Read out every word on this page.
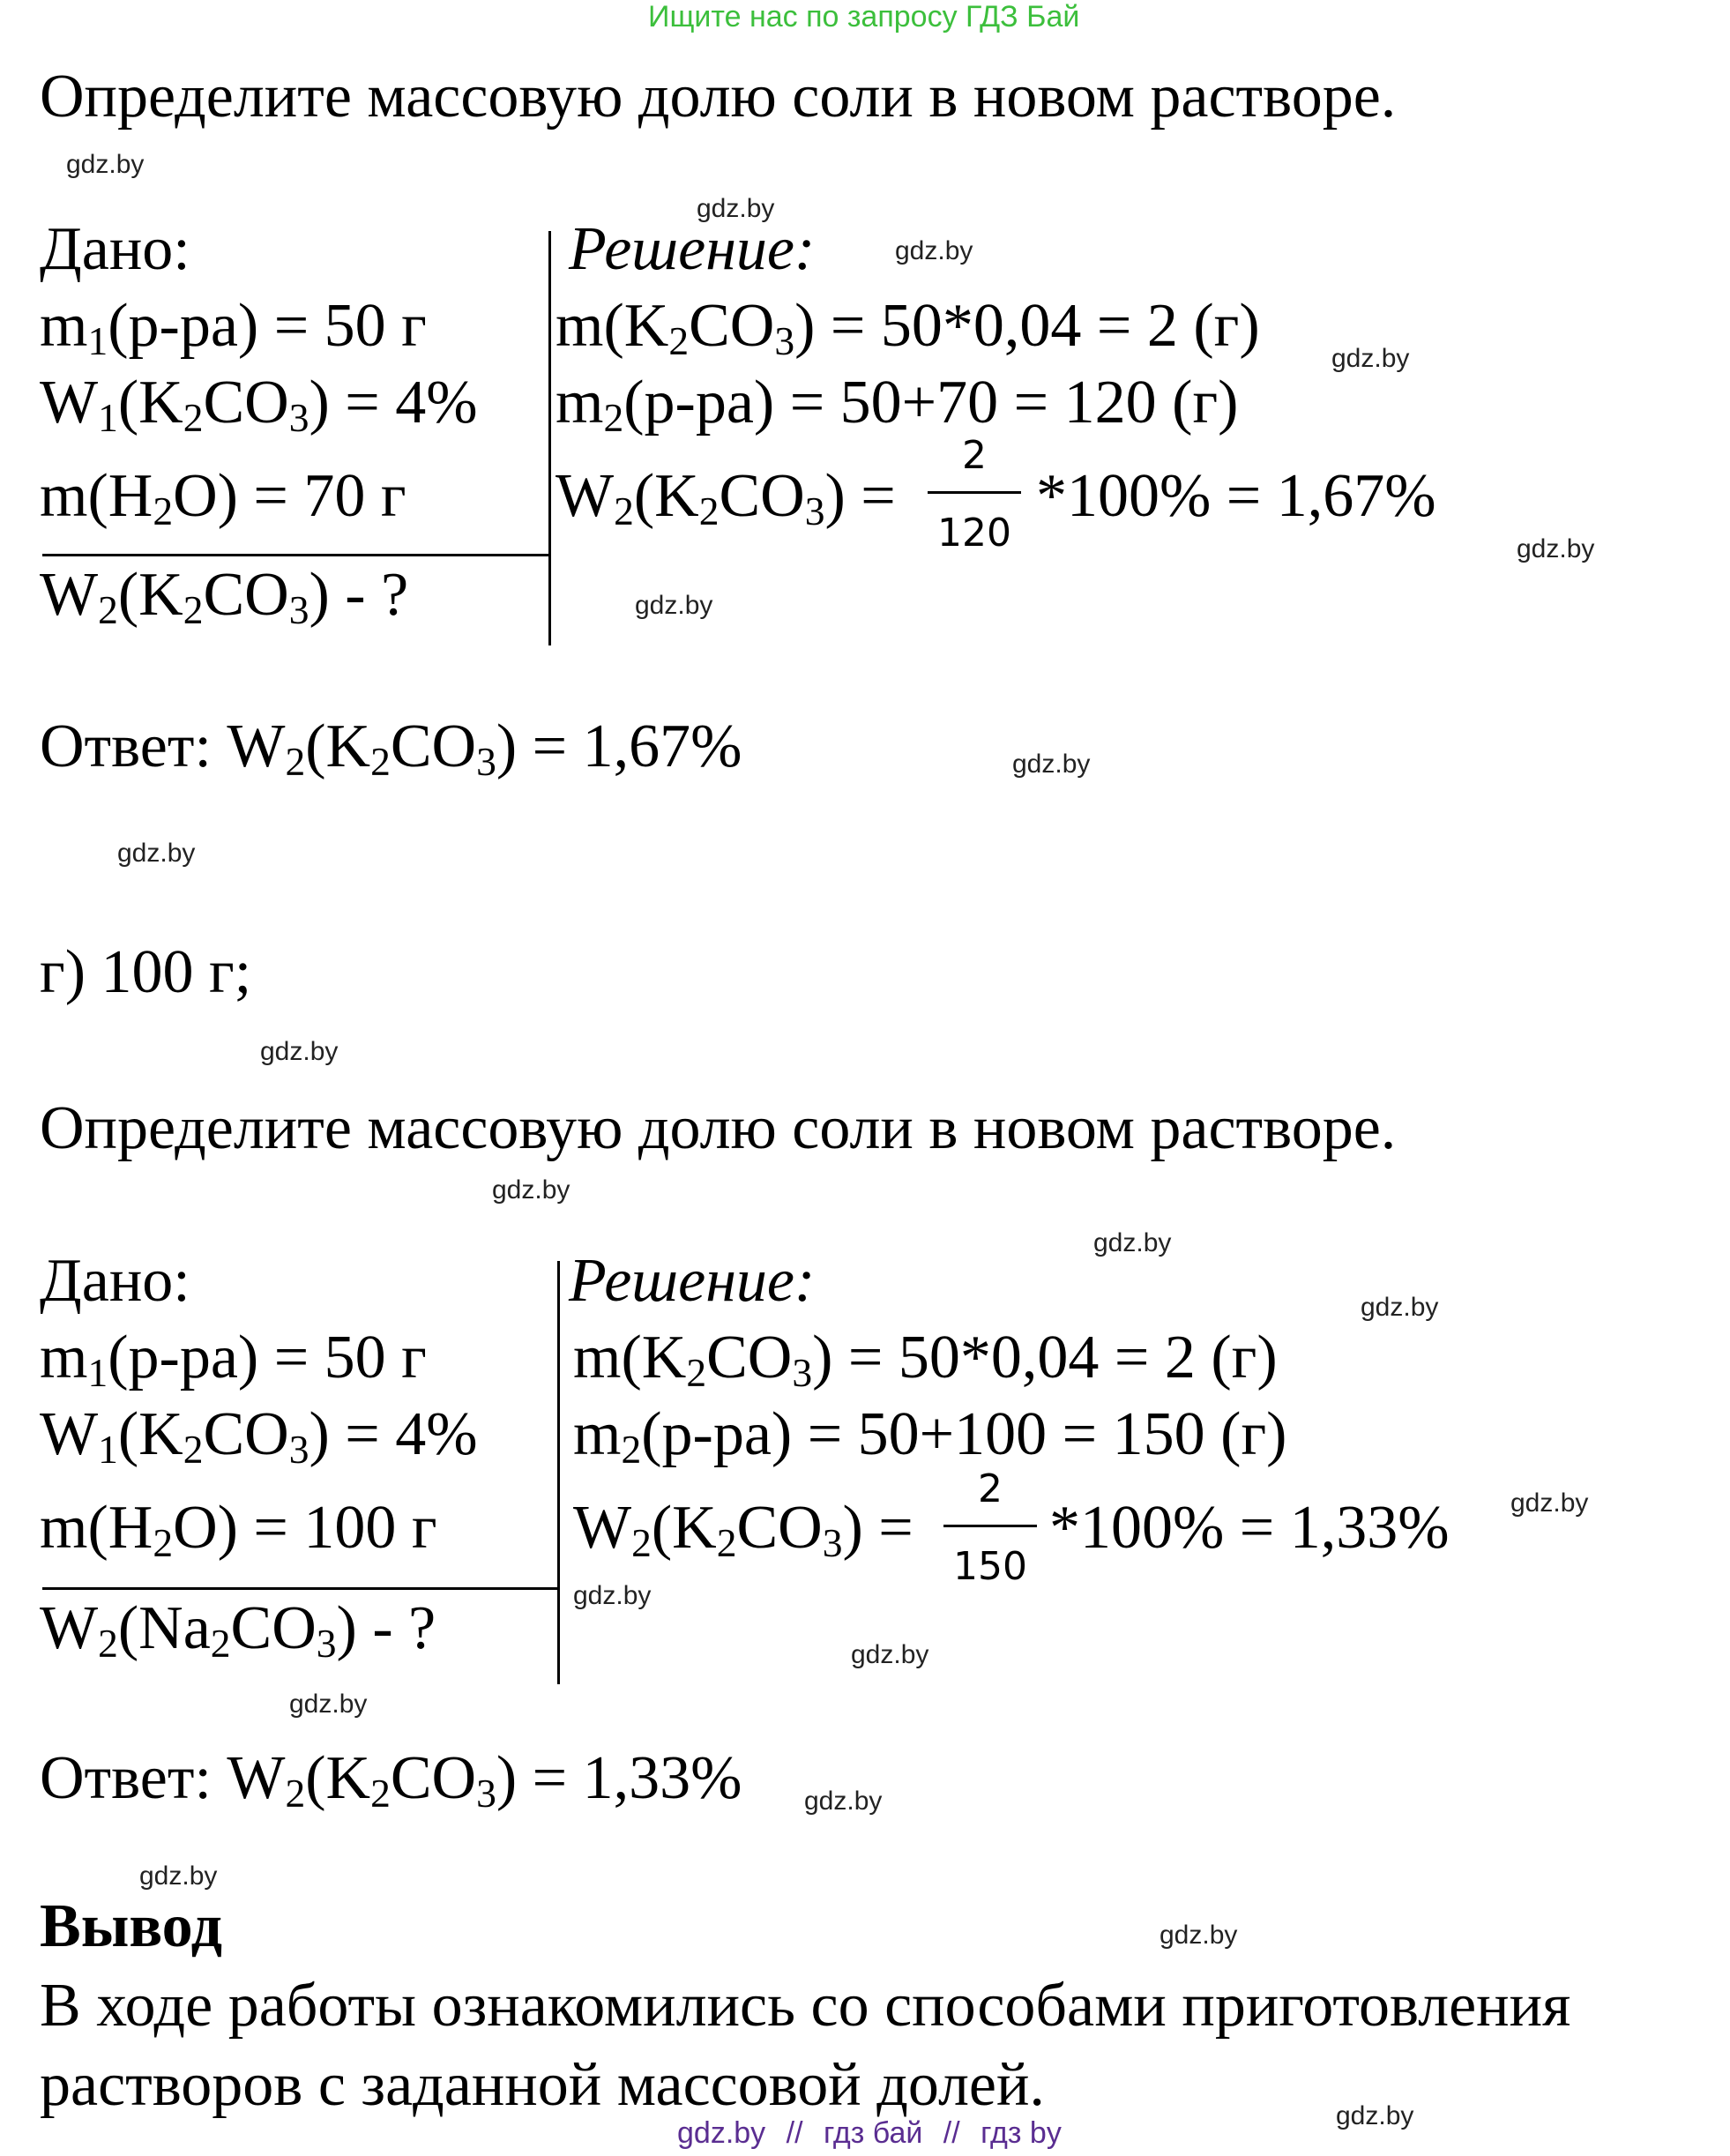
Ищите нас по запросу ГДЗ Бай
Определите массовую долю соли в новом растворе.
gdz.by
gdz.by
gdz.by
Дано:	Решение:
$m_1(р-ра) = 50$ г
$W_1(K_2CO_3) = 4\%$
$m(H_2O) = 70$ г
$W_2(K_2CO_3)$ - ?
$m(K_2CO_3) = 50*0,04 = 2$ (г)	gdz.by
$m_2(р-ра) = 50+70 = 120$ (г)
$W_2(K_2CO_3)$ =
2
120
*100% = 1,67%
gdz.by
gdz.by
Ответ: $W_2(K_2CO_3) = 1,67\%$	gdz.by
gdz.by
г) 100 г;
gdz.by
Определите массовую долю соли в новом растворе.
gdz.by
gdz.by
gdz.by
Дано:	Решение:
$m_1(р-ра) = 50$ г
$W_1(K_2CO_3) = 4\%$
$m(H_2O) = 100$ г
$W_2(Na_2CO_3)$ - ?
$m(K_2CO_3) = 50*0,04 = 2$ (г)
$m_2(р-ра) = 50+100 = 150$ (г)
$W_2(K_2CO_3)$ =
2
150
*100% = 1,33% gdz.by
gdz.by
gdz.by
gdz.by
Ответ: $W_2(K_2CO_3) = 1,33\%$ gdz.by
gdz.by
Вывод	gdz.by
В ходе работы ознакомились со способами приготовления
растворов с заданной массовой долей.	gdz.by
gdz.by // гдз бай // гдз by
